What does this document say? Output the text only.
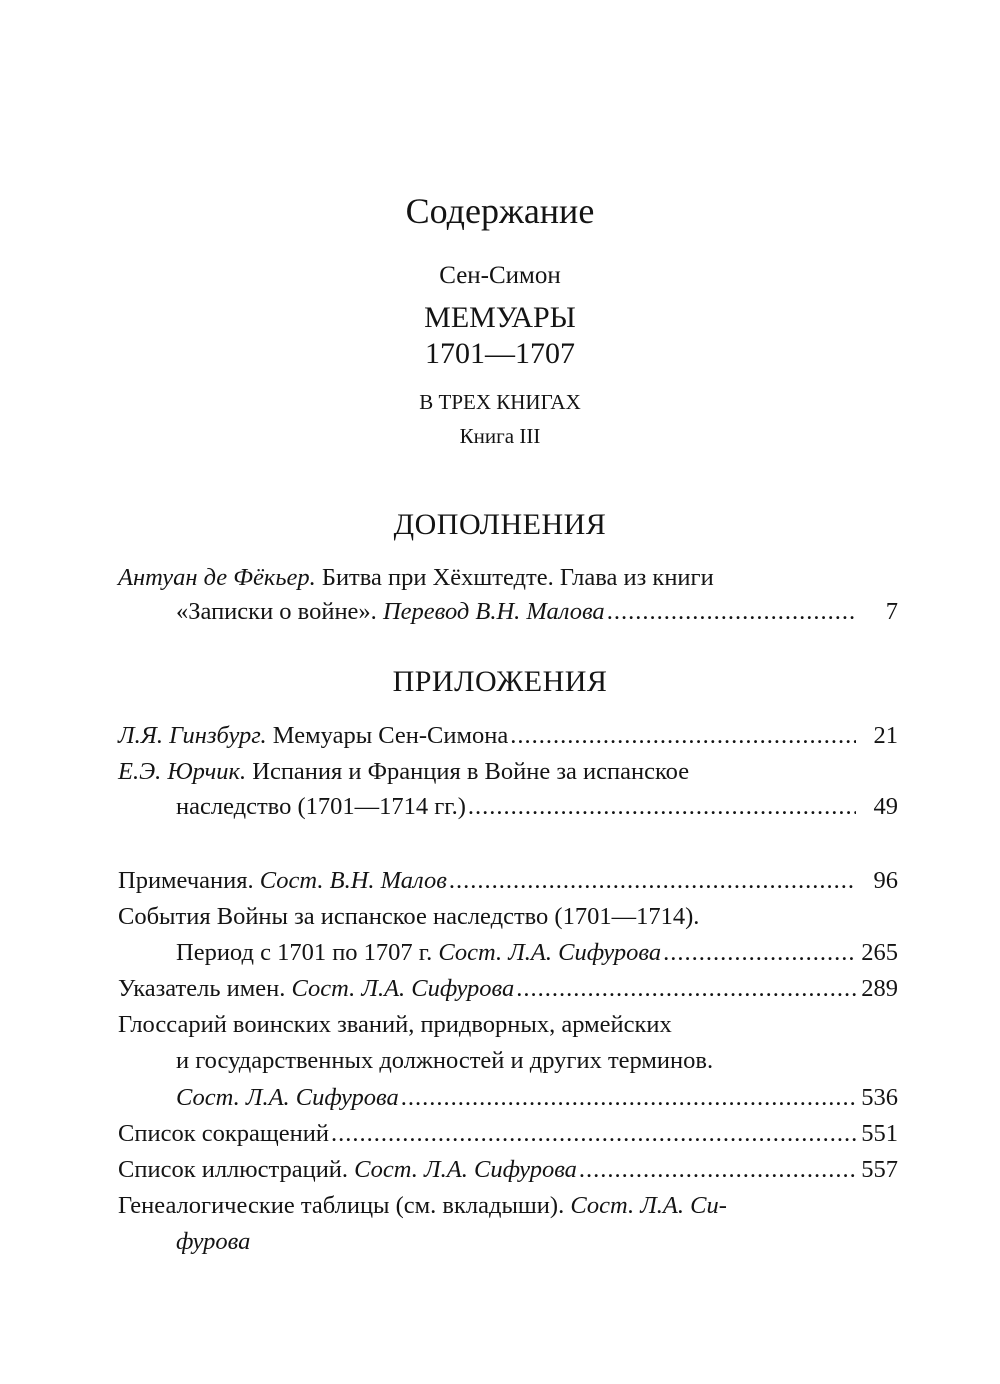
Содержание
Сен-Симон
МЕМУАРЫ
1701—1707
В ТРЕХ КНИГАХ
Книга III
ДОПОЛНЕНИЯ
Антуан де Фёкьер. Битва при Хёхштедте. Глава из книги
«Записки о войне». Перевод В.Н. Малова .....	7
ПРИЛОЖЕНИЯ
Л.Я. Гинзбург. Мемуары Сен-Симона .....	21
Е.Э. Юрчик. Испания и Франция в Войне за испанское
наследство (1701—1714 гг.) .....	49
Примечания. Сост. В.Н. Малов .....	96
События Войны за испанское наследство (1701—1714).
Период с 1701 по 1707 г. Сост. Л.А. Сифурова .....	265
Указатель имен. Сост. Л.А. Сифурова .....	289
Глоссарий воинских званий, придворных, армейских
и государственных должностей и других терминов.
Сост. Л.А. Сифурова .....	536
Список сокращений .....	551
Список иллюстраций. Сост. Л.А. Сифурова .....	557
Генеалогические таблицы (см. вкладыши). Сост. Л.А. Си-
фурова
